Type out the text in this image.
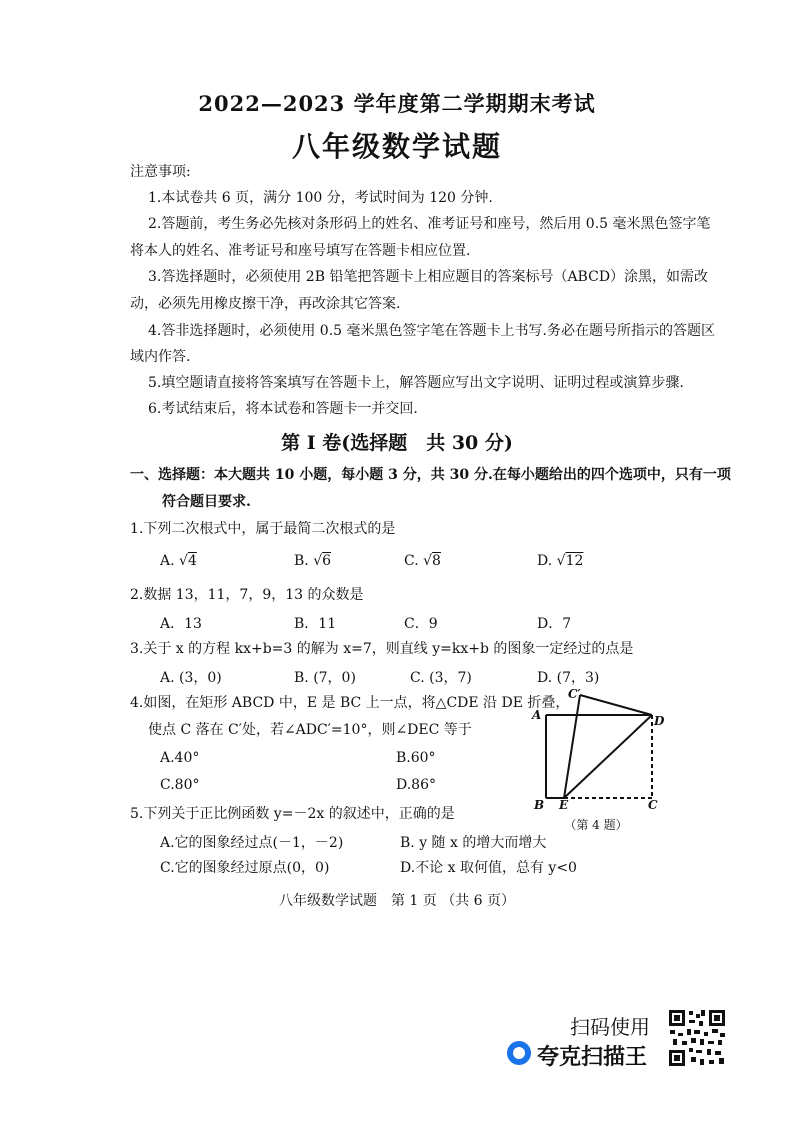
2022—2023 学年度第二学期期末考试
八年级数学试题
注意事项:
1.本试卷共 6 页，满分 100 分，考试时间为 120 分钟.
2.答题前，考生务必先核对条形码上的姓名、准考证号和座号，然后用 0.5 毫米黑色签字笔
将本人的姓名、准考证号和座号填写在答题卡相应位置.
3.答选择题时，必须使用 2B 铅笔把答题卡上相应题目的答案标号（ABCD）涂黑，如需改
动，必须先用橡皮擦干净，再改涂其它答案.
4.答非选择题时，必须使用 0.5 毫米黑色签字笔在答题卡上书写.务必在题号所指示的答题区
域内作答.
5.填空题请直接将答案填写在答题卡上，解答题应写出文字说明、证明过程或演算步骤.
6.考试结束后，将本试卷和答题卡一并交回.
第 I 卷(选择题　共 30 分)
一、选择题：本大题共 10 小题，每小题 3 分，共 30 分.在每小题给出的四个选项中，只有一项
符合题目要求.
1.下列二次根式中，属于最简二次根式的是
A. √4	B. √6	C. √8	D. √12
2.数据 13，11，7，9，13 的众数是
A．13	B．11	C．9	D．7
3.关于 x 的方程 kx+b=3 的解为 x=7，则直线 y=kx+b 的图象一定经过的点是
A. (3，0)	B. (7，0)	C. (3，7)	D. (7，3)
4.如图，在矩形 ABCD 中，E 是 BC 上一点，将△CDE 沿 DE 折叠，
使点 C 落在 C′处，若∠ADC′=10°，则∠DEC 等于
A.40°	B.60°
C.80°	D.86°
5.下列关于正比例函数 y=－2x 的叙述中，正确的是
A.它的图象经过点(－1，－2)	B. y 随 x 的增大而增大
C.它的图象经过原点(0，0)	D.不论 x 取何值，总有 y<0
A	D
C′
B E	C
（第 4 题）
八年级数学试题　第 1 页 （共 6 页）
扫码使用
夸克扫描王
